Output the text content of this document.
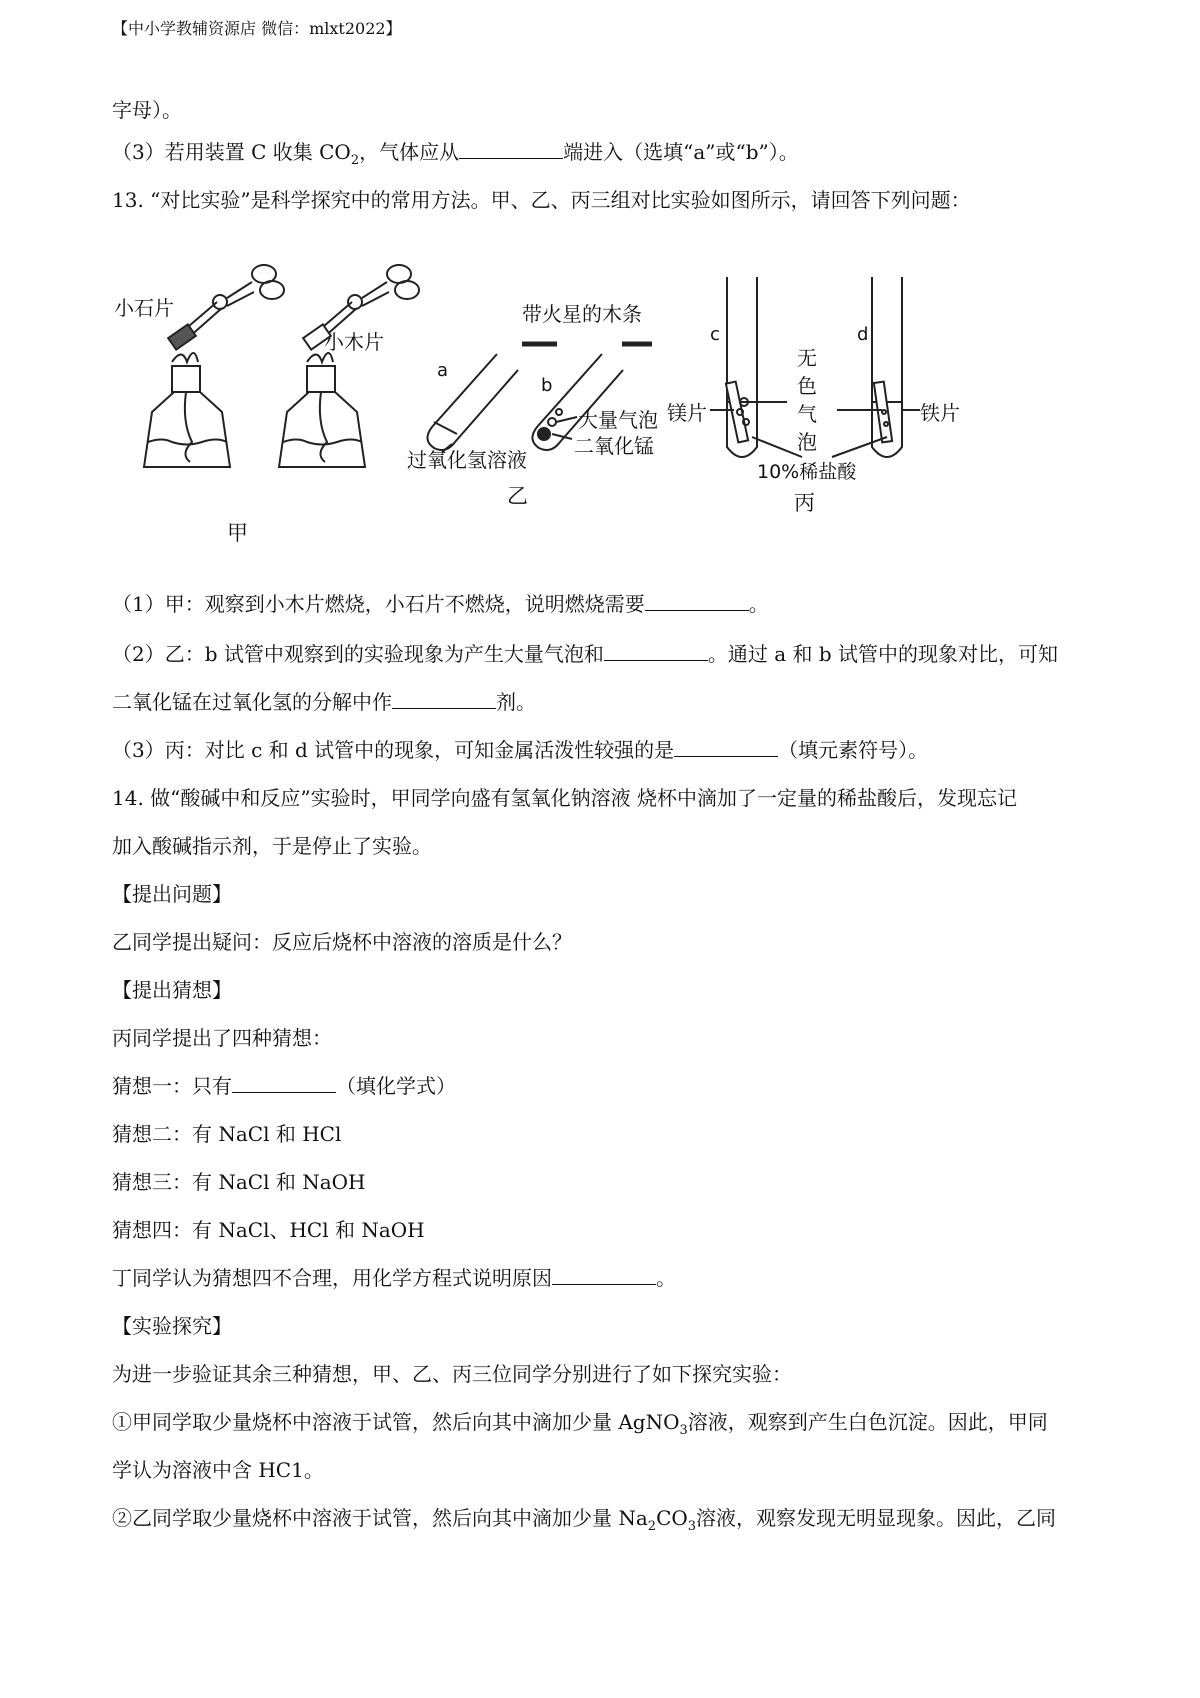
【中小学教辅资源店 微信：mlxt2022】
字母）。
（3）若用装置 C 收集 $CO_2$，气体应从	端进入（选填“a”或“b”）。
13. “对比实验”是科学探究中的常用方法。甲、乙、丙三组对比实验如图所示，请回答下列问题：
小石片
小木片
甲
带火星的木条
a
b
大量气泡
二氧化锰
过氧化氢溶液
乙
c	d
无
色
气
泡
镁片	铁片
10%稀盐酸
丙
（1）甲：观察到小木片燃烧，小石片不燃烧，说明燃烧需要	。
（2）乙：b 试管中观察到的实验现象为产生大量气泡和	。通过 a 和 b 试管中的现象对比，可知
二氧化锰在过氧化氢的分解中作	剂。
（3）丙：对比 c 和 d 试管中的现象，可知金属活泼性较强的是	（填元素符号）。
14. 做“酸碱中和反应”实验时，甲同学向盛有氢氧化钠溶液 烧杯中滴加了一定量的稀盐酸后，发现忘记
加入酸碱指示剂，于是停止了实验。
【提出问题】
乙同学提出疑问：反应后烧杯中溶液的溶质是什么？
【提出猜想】
丙同学提出了四种猜想：
猜想一：只有	（填化学式）
猜想二：有 NaCl 和 HCl
猜想三：有 NaCl 和 NaOH
猜想四：有 NaCl、HCl 和 NaOH
丁同学认为猜想四不合理，用化学方程式说明原因	。
【实验探究】
为进一步验证其余三种猜想，甲、乙、丙三位同学分别进行了如下探究实验：
①甲同学取少量烧杯中溶液于试管，然后向其中滴加少量 AgNO$_3$溶液，观察到产生白色沉淀。因此，甲同
学认为溶液中含 HC1。
②乙同学取少量烧杯中溶液于试管，然后向其中滴加少量 $Na_2CO_3$溶液，观察发现无明显现象。因此，乙同
